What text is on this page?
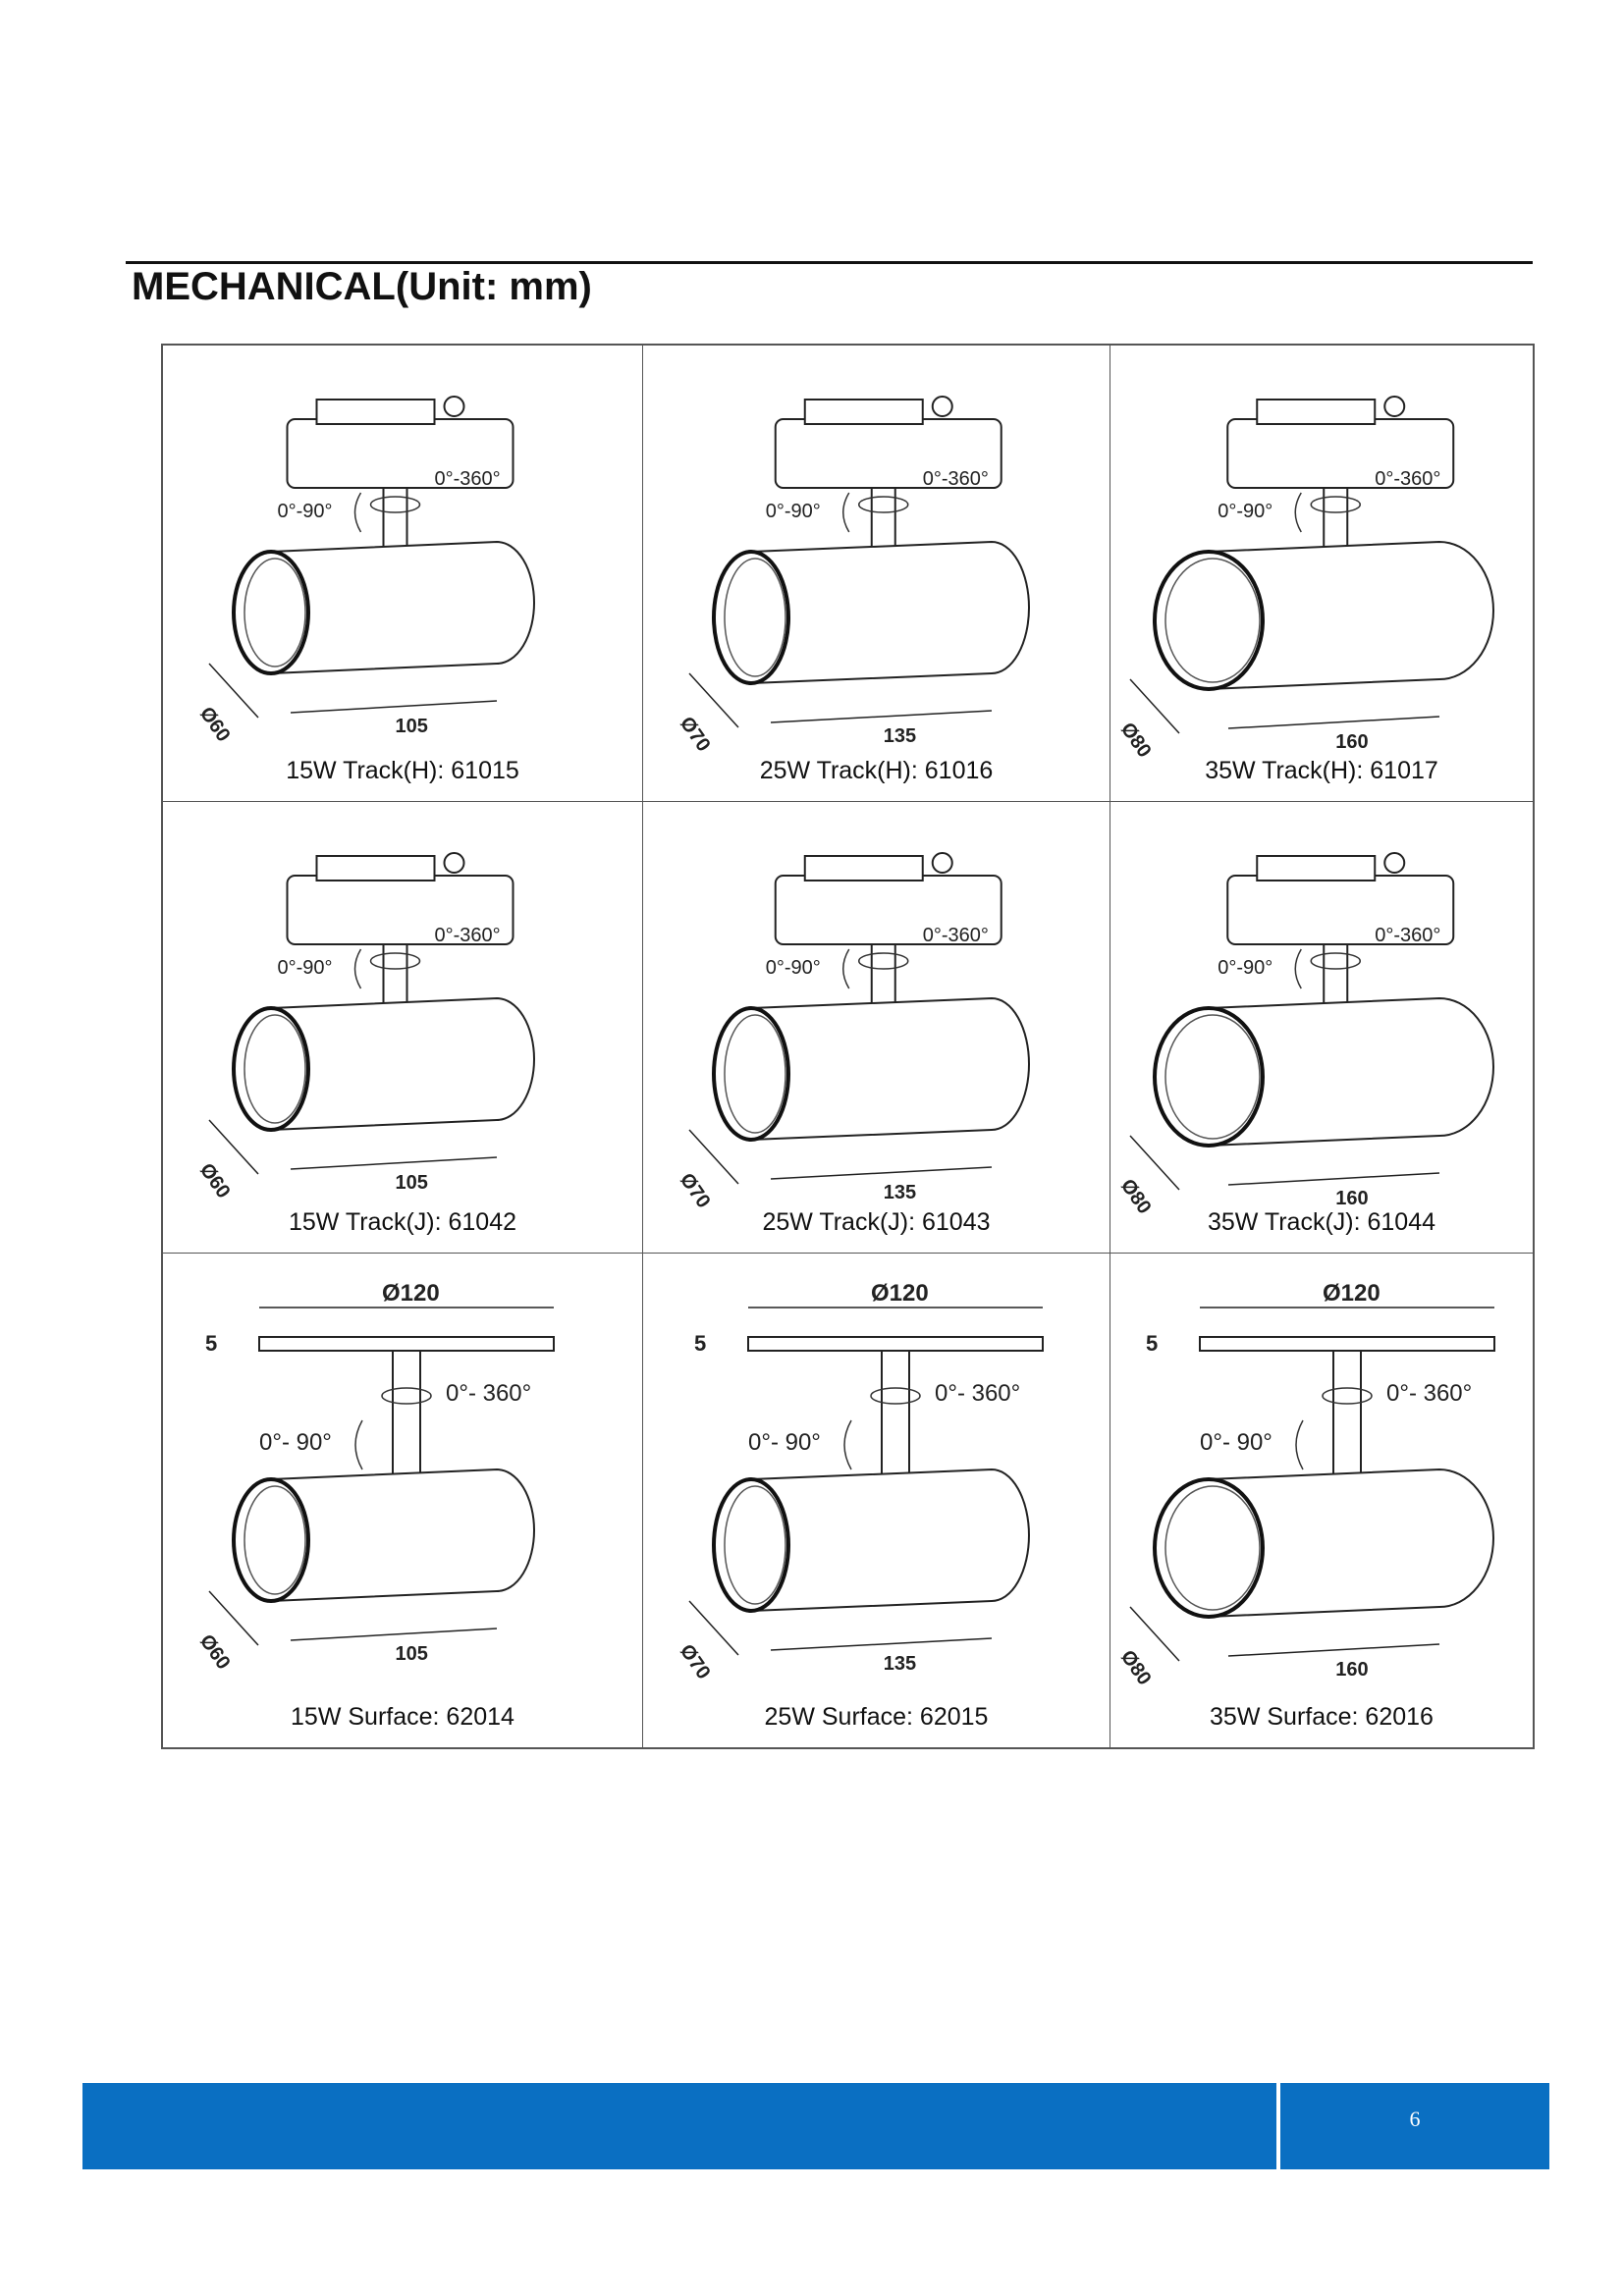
MECHANICAL(Unit: mm)
0°-360°
0°-90°
Ø60	105
15W Track(H): 61015
0°-360°
0°-90°
Ø70	135
25W Track(H): 61016
0°-360°
0°-90°
Ø80	160
35W Track(H): 61017
0°-360°
0°-90°
Ø60	105
15W Track(J): 61042
0°-360°
0°-90°
Ø70	135
25W Track(J): 61043
0°-360°
0°-90°
Ø80	160
35W Track(J): 61044
Ø120
5
0°- 360°
0°- 90°
Ø60	105
15W Surface: 62014
Ø120
5
0°- 360°
0°- 90°
Ø70	135
25W Surface: 62015
Ø120
5
0°- 360°
0°- 90°
Ø80	160
35W Surface: 62016
6
